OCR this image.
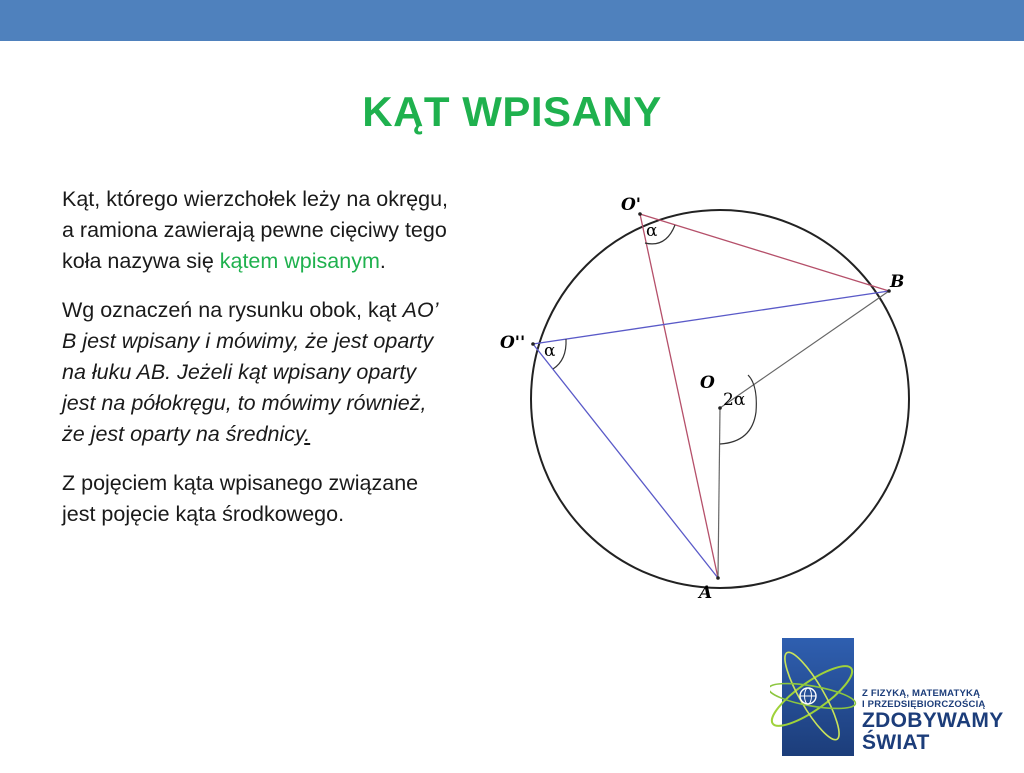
KĄT WPISANY

Kąt, którego wierzchołek leży na okręgu, a ramiona zawierają pewne cięciwy tego koła nazywa się kątem wpisanym.

Wg oznaczeń na rysunku obok, kąt AO’ B jest wpisany i mówimy, że jest oparty na łuku AB. Jeżeli kąt wpisany oparty jest na półokręgu, to mówimy również, że jest oparty na średnicy.

Z pojęciem kąta wpisanego związane jest pojęcie kąta środkowego.

O'
O''
B
O
A
α
α
2α
Z FIZYKĄ, MATEMATYKĄ
I PRZEDSIĘBIORCZOŚCIĄ
ZDOBYWAMY
ŚWIAT
